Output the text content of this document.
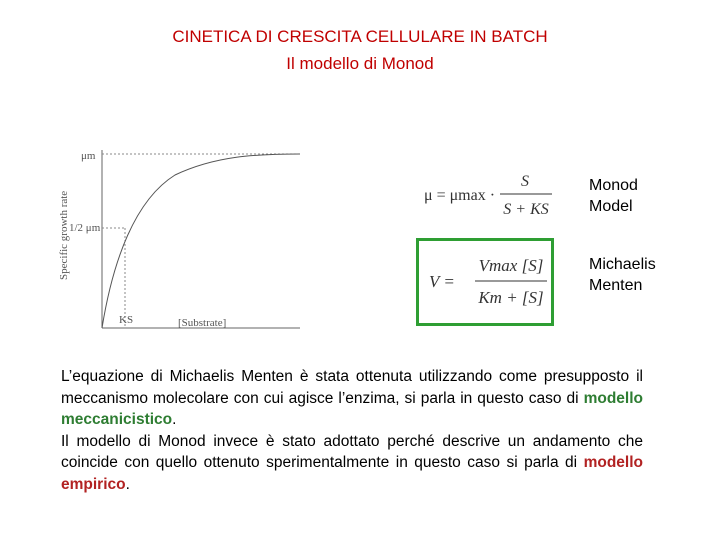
CINETICA DI CRESCITA CELLULARE IN BATCH
Il modello di Monod
μm
1/2 μm
KS	[Substrate]
Specific growth rate	μ = μmax ·
S
S + KS
V =
Vmax [S]
Km + [S]
Monod
Model
Michaelis
Menten

L’equazione di Michaelis Menten è stata ottenuta utilizzando come presupposto il meccanismo molecolare con cui agisce l’enzima, si parla in questo caso di modello meccanicistico.

Il modello di Monod invece è stato adottato perché descrive un andamento che coincide con quello ottenuto sperimentalmente in questo caso si parla di modello empirico.
